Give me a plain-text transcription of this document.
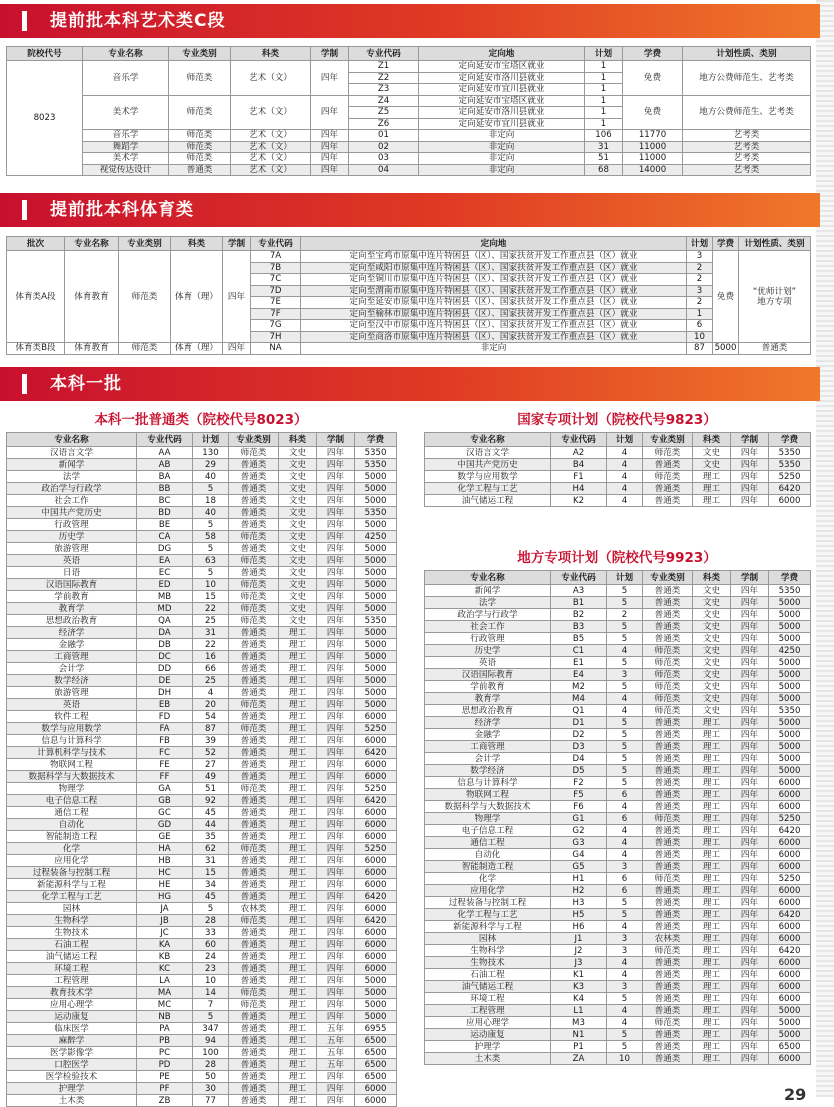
提前批本科艺术类C段
院校代号	专业名称	专业类别	科类	学制	专业代码	定向地	计划	学费	计划性质、类别
8023	音乐学	师范类	艺术（文）	四年	Z1	定向延安市宝塔区就业	1	免费	地方公费师范生、艺考类
					Z2	定向延安市洛川县就业	1		
					Z3	定向延安市宜川县就业	1		
	美术学	师范类	艺术（文）	四年	Z4	定向延安市宝塔区就业	1	免费	地方公费师范生、艺考类
					Z5	定向延安市洛川县就业	1		
					Z6	定向延安市宜川县就业	1		
	音乐学	师范类	艺术（文）	四年	01	非定向	106	11770	艺考类
	舞蹈学	师范类	艺术（文）	四年	02	非定向	31	11000	艺考类
	美术学	师范类	艺术（文）	四年	03	非定向	51	11000	艺考类
	视觉传达设计	普通类	艺术（文）	四年	04	非定向	68	14000	艺考类
提前批本科体育类
批次	专业名称	专业类别	科类	学制	专业代码	定向地	计划	学费	计划性质、类别
体育类A段	体育教育	师范类	体育（理）	四年	7A	定向至宝鸡市原集中连片特困县（区）、国家扶贫开发工作重点县（区）就业	3	免费	“优师计划”
地方专项

					7B	定向至咸阳市原集中连片特困县（区）、国家扶贫开发工作重点县（区）就业	2		
					7C	定向至铜川市原集中连片特困县（区）、国家扶贫开发工作重点县（区）就业	2		
					7D	定向至渭南市原集中连片特困县（区）、国家扶贫开发工作重点县（区）就业	3		
					7E	定向至延安市原集中连片特困县（区）、国家扶贫开发工作重点县（区）就业	2		
					7F	定向至榆林市原集中连片特困县（区）、国家扶贫开发工作重点县（区）就业	1		
					7G	定向至汉中市原集中连片特困县（区）、国家扶贫开发工作重点县（区）就业	6		
					7H	定向至商洛市原集中连片特困县（区）、国家扶贫开发工作重点县（区）就业	10		
体育类B段	体育教育	师范类	体育（理）	四年	NA	非定向	87	5000	普通类
本科一批
本科一批普通类（院校代号8023）
专业名称	专业代码	计划	专业类别	科类	学制	学费
汉语言文学	AA	130	师范类	文史	四年	5350
新闻学	AB	29	普通类	文史	四年	5350
法学	BA	40	普通类	文史	四年	5000
政治学与行政学	BB	5	普通类	文史	四年	5000
社会工作	BC	18	普通类	文史	四年	5000
中国共产党历史	BD	40	普通类	文史	四年	5350
行政管理	BE	5	普通类	文史	四年	5000
历史学	CA	58	师范类	文史	四年	4250
旅游管理	DG	5	普通类	文史	四年	5000
英语	EA	63	师范类	文史	四年	5000
日语	EC	5	普通类	文史	四年	5000
汉语国际教育	ED	10	师范类	文史	四年	5000
学前教育	MB	15	师范类	文史	四年	5000
教育学	MD	22	师范类	文史	四年	5000
思想政治教育	QA	25	师范类	文史	四年	5350
经济学	DA	31	普通类	理工	四年	5000
金融学	DB	22	普通类	理工	四年	5000
工商管理	DC	16	普通类	理工	四年	5000
会计学	DD	66	普通类	理工	四年	5000
数学经济	DE	25	普通类	理工	四年	5000
旅游管理	DH	4	普通类	理工	四年	5000
英语	EB	20	师范类	理工	四年	5000
软件工程	FD	54	普通类	理工	四年	6000
数学与应用数学	FA	87	师范类	理工	四年	5250
信息与计算科学	FB	39	普通类	理工	四年	6000
计算机科学与技术	FC	52	普通类	理工	四年	6420
物联网工程	FE	27	普通类	理工	四年	6000
数据科学与大数据技术	FF	49	普通类	理工	四年	6000
物理学	GA	51	师范类	理工	四年	5250
电子信息工程	GB	92	普通类	理工	四年	6420
通信工程	GC	45	普通类	理工	四年	6000
自动化	GD	44	普通类	理工	四年	6000
智能制造工程	GE	35	普通类	理工	四年	6000
化学	HA	62	师范类	理工	四年	5250
应用化学	HB	31	普通类	理工	四年	6000
过程装备与控制工程	HC	15	普通类	理工	四年	6000
新能源科学与工程	HE	34	普通类	理工	四年	6000
化学工程与工艺	HG	45	普通类	理工	四年	6420
园林	JA	5	农林类	理工	四年	6000
生物科学	JB	28	师范类	理工	四年	6420
生物技术	JC	33	普通类	理工	四年	6000
石油工程	KA	60	普通类	理工	四年	6000
油气储运工程	KB	24	普通类	理工	四年	6000
环境工程	KC	23	普通类	理工	四年	6000
工程管理	LA	10	普通类	理工	四年	5000
教育技术学	MA	14	师范类	理工	四年	5000
应用心理学	MC	7	师范类	理工	四年	5000
运动康复	NB	5	普通类	理工	四年	5000
临床医学	PA	347	普通类	理工	五年	6955
麻醉学	PB	94	普通类	理工	五年	6500
医学影像学	PC	100	普通类	理工	五年	6500
口腔医学	PD	28	普通类	理工	五年	6500
医学检验技术	PE	50	普通类	理工	四年	6500
护理学	PF	30	普通类	理工	四年	6000
土木类	ZB	77	普通类	理工	四年	6000
国家专项计划（院校代号9823）
专业名称	专业代码	计划	专业类别	科类	学制	学费
汉语言文学	A2	4	师范类	文史	四年	5350
中国共产党历史	B4	4	普通类	文史	四年	5350
数学与应用数学	F1	4	师范类	理工	四年	5250
化学工程与工艺	H4	4	普通类	理工	四年	6420
油气储运工程	K2	4	普通类	理工	四年	6000
地方专项计划（院校代号9923）
专业名称	专业代码	计划	专业类别	科类	学制	学费
新闻学	A3	5	普通类	文史	四年	5350
法学	B1	5	普通类	文史	四年	5000
政治学与行政学	B2	2	普通类	文史	四年	5000
社会工作	B3	5	普通类	文史	四年	5000
行政管理	B5	5	普通类	文史	四年	5000
历史学	C1	4	师范类	文史	四年	4250
英语	E1	5	师范类	文史	四年	5000
汉语国际教育	E4	3	师范类	文史	四年	5000
学前教育	M2	5	师范类	文史	四年	5000
教育学	M4	4	师范类	文史	四年	5000
思想政治教育	Q1	4	师范类	文史	四年	5350
经济学	D1	5	普通类	理工	四年	5000
金融学	D2	5	普通类	理工	四年	5000
工商管理	D3	5	普通类	理工	四年	5000
会计学	D4	5	普通类	理工	四年	5000
数学经济	D5	5	普通类	理工	四年	5000
信息与计算科学	F2	5	普通类	理工	四年	6000
物联网工程	F5	6	普通类	理工	四年	6000
数据科学与大数据技术	F6	4	普通类	理工	四年	6000
物理学	G1	6	师范类	理工	四年	5250
电子信息工程	G2	4	普通类	理工	四年	6420
通信工程	G3	4	普通类	理工	四年	6000
自动化	G4	4	普通类	理工	四年	6000
智能制造工程	G5	3	普通类	理工	四年	6000
化学	H1	6	师范类	理工	四年	5250
应用化学	H2	6	普通类	理工	四年	6000
过程装备与控制工程	H3	5	普通类	理工	四年	6000
化学工程与工艺	H5	5	普通类	理工	四年	6420
新能源科学与工程	H6	4	普通类	理工	四年	6000
园林	J1	3	农林类	理工	四年	6000
生物科学	J2	3	师范类	理工	四年	6420
生物技术	J3	4	普通类	理工	四年	6000
石油工程	K1	4	普通类	理工	四年	6000
油气储运工程	K3	3	普通类	理工	四年	6000
环境工程	K4	5	普通类	理工	四年	6000
工程管理	L1	4	普通类	理工	四年	5000
应用心理学	M3	4	师范类	理工	四年	5000
运动康复	N1	5	普通类	理工	四年	5000
护理学	P1	5	普通类	理工	四年	6500
土木类	ZA	10	普通类	理工	四年	6000
29
